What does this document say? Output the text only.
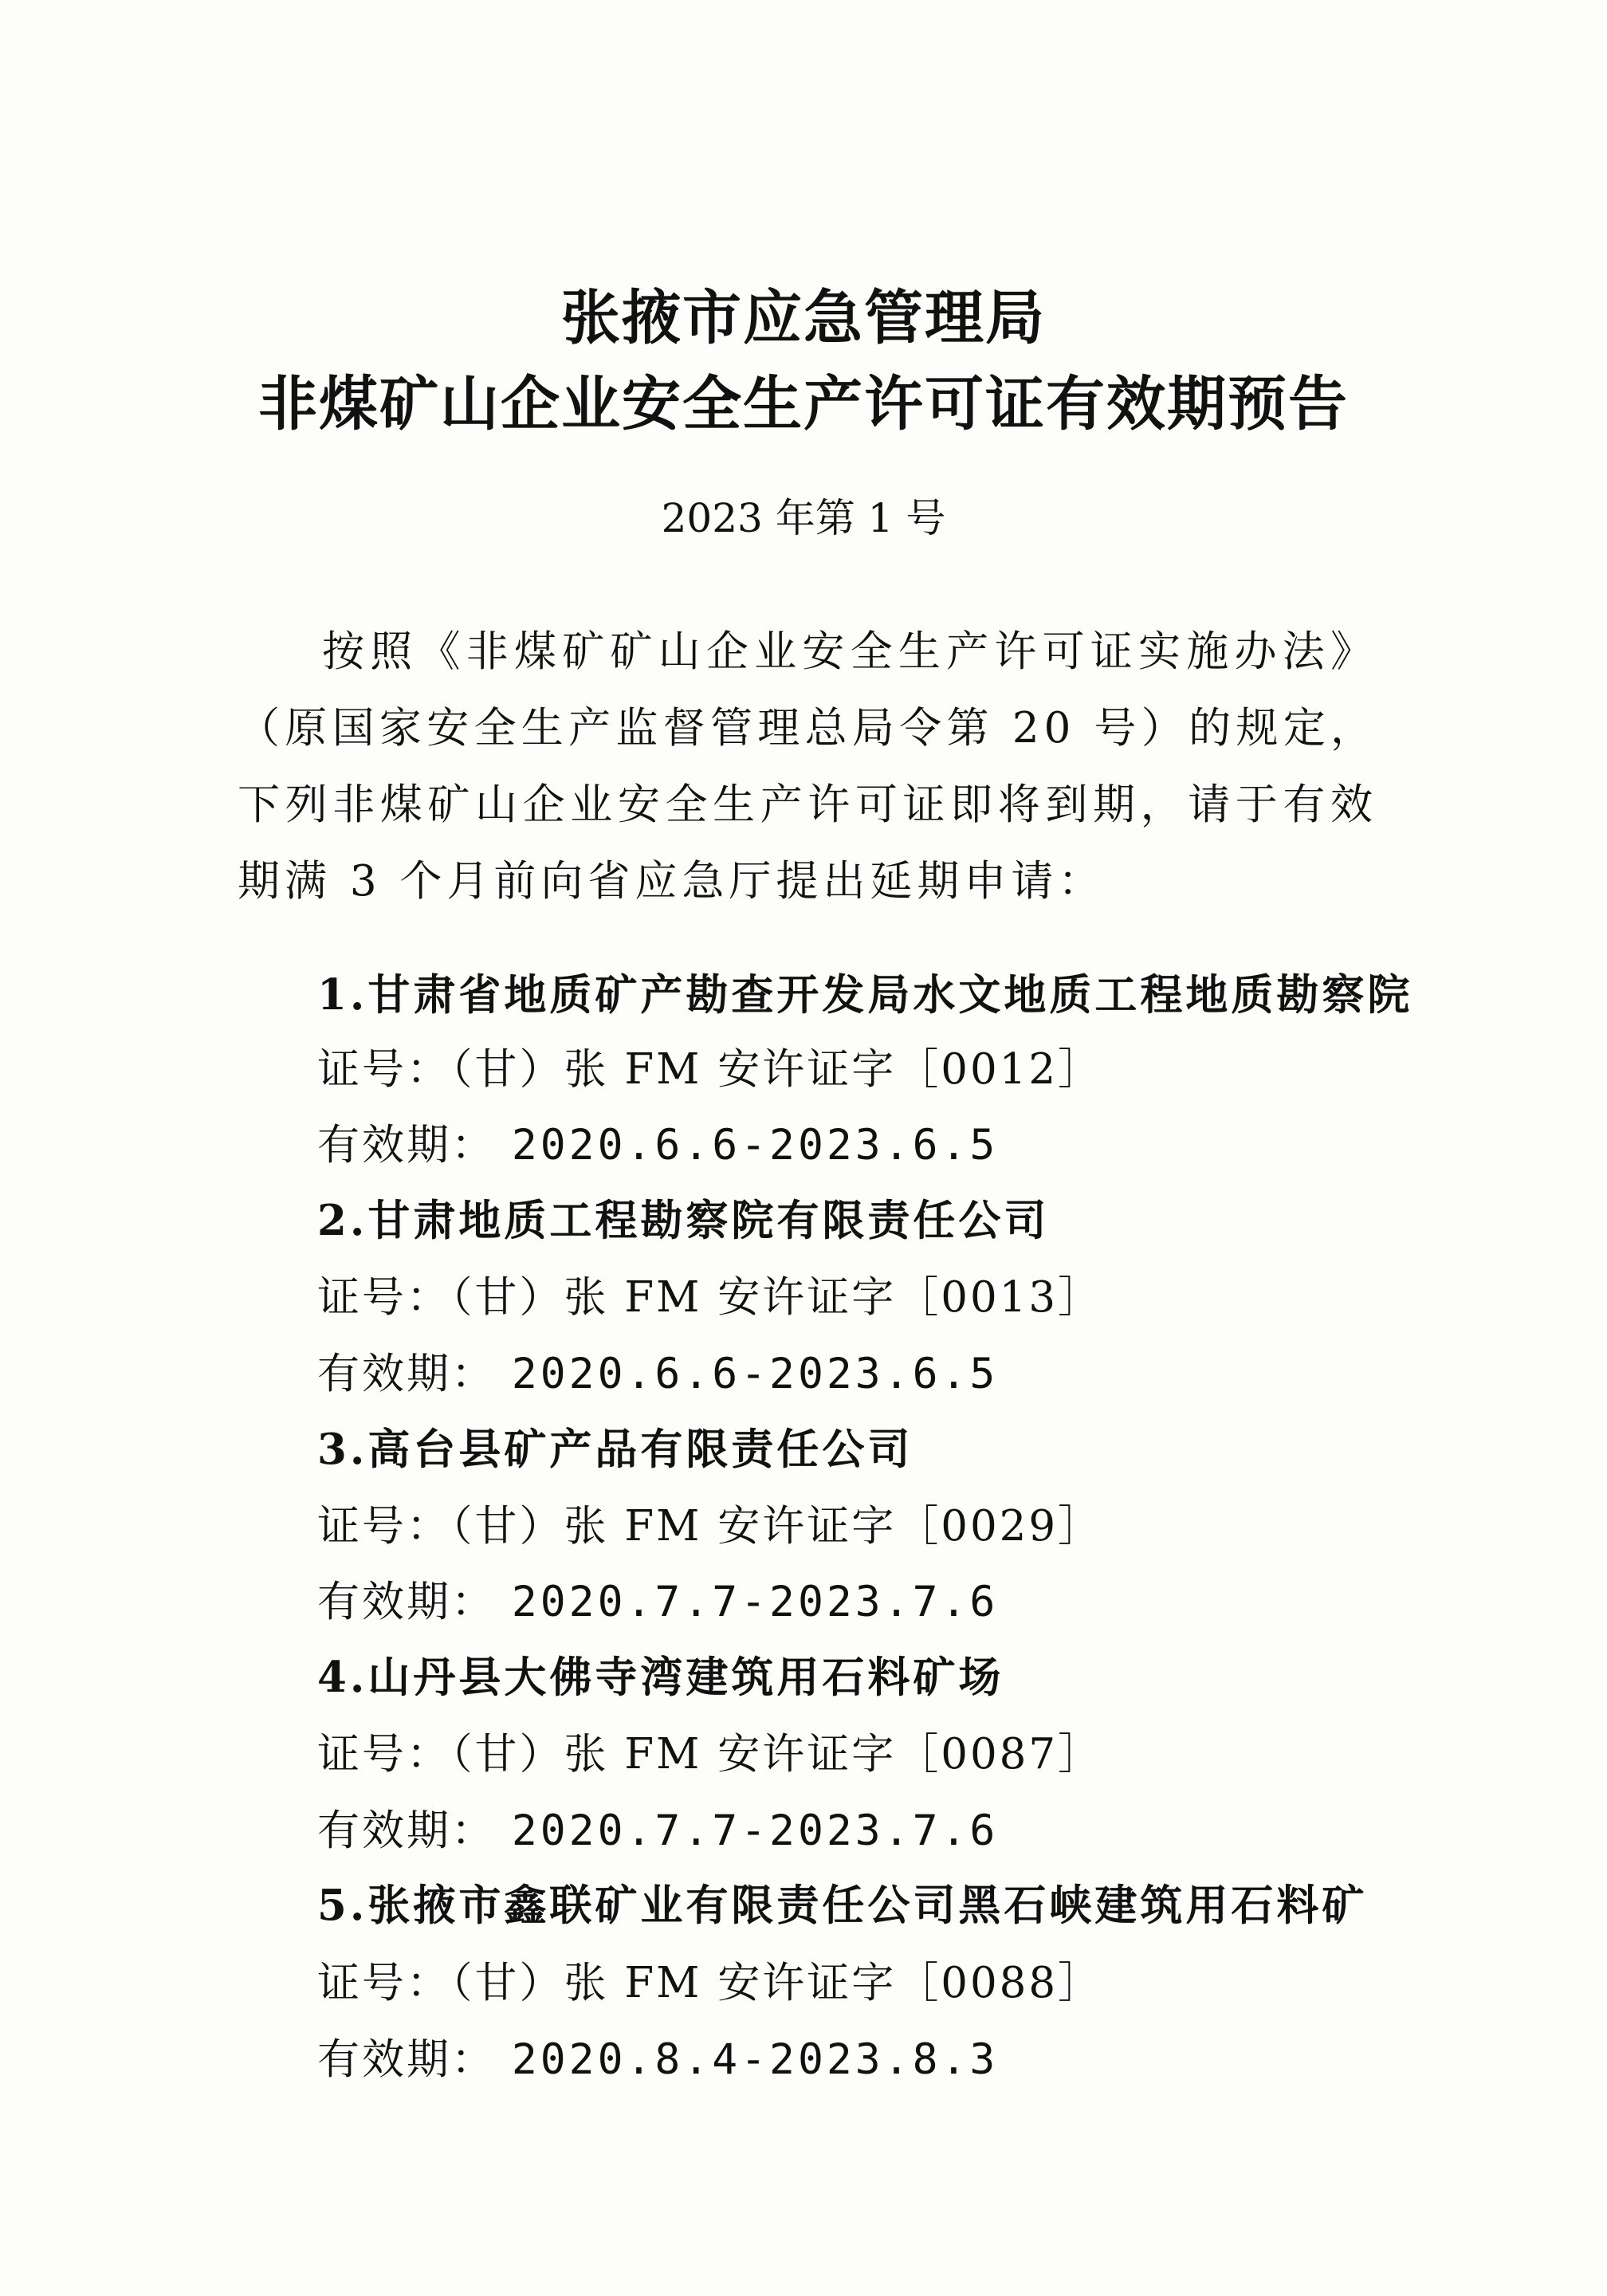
张掖市应急管理局
非煤矿山企业安全生产许可证有效期预告
2023 年第 1 号

按照《非煤矿矿山企业安全生产许可证实施办法》（原国家安全生产监督管理总局令第 20 号）的规定，下列非煤矿山企业安全生产许可证即将到期，请于有效期满 3 个月前向省应急厅提出延期申请：

1.甘肃省地质矿产勘查开发局水文地质工程地质勘察院
证号：（甘）张 FM 安许证字［0012］
有效期： 2020.6.6-2023.6.5
2.甘肃地质工程勘察院有限责任公司
证号：（甘）张 FM 安许证字［0013］
有效期： 2020.6.6-2023.6.5
3.高台县矿产品有限责任公司
证号：（甘）张 FM 安许证字［0029］
有效期： 2020.7.7-2023.7.6
4.山丹县大佛寺湾建筑用石料矿场
证号：（甘）张 FM 安许证字［0087］
有效期： 2020.7.7-2023.7.6
5.张掖市鑫联矿业有限责任公司黑石峡建筑用石料矿
证号：（甘）张 FM 安许证字［0088］
有效期： 2020.8.4-2023.8.3
